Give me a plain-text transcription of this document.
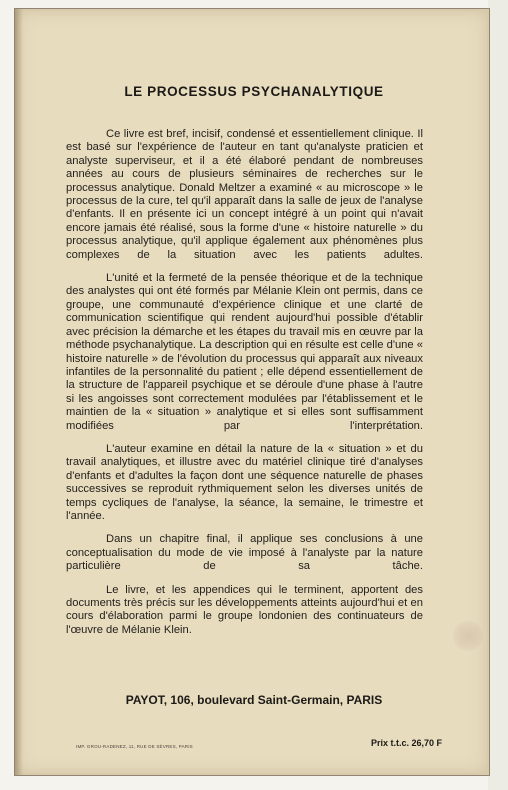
LE PROCESSUS PSYCHANALYTIQUE

Ce livre est bref, incisif, condensé et essentiellement clinique. Il est basé sur l'expérience de l'auteur en tant qu'analyste praticien et analyste superviseur, et il a été élaboré pendant de nombreuses années au cours de plusieurs séminaires de recherches sur le processus analytique. Donald Meltzer a examiné « au microscope » le processus de la cure, tel qu'il apparaît dans la salle de jeux de l'analyse d'enfants. Il en présente ici un concept intégré à un point qui n'avait encore jamais été réalisé, sous la forme d'une « histoire naturelle » du processus analytique, qu'il applique également aux phénomènes plus complexes de la situation avec les patients adultes.

L'unité et la fermeté de la pensée théorique et de la technique des analystes qui ont été formés par Mélanie Klein ont permis, dans ce groupe, une communauté d'expérience clinique et une clarté de communication scientifique qui rendent aujourd'hui possible d'établir avec précision la démarche et les étapes du travail mis en œuvre par la méthode psychanalytique. La description qui en résulte est celle d'une « histoire naturelle » de l'évolution du processus qui apparaît aux niveaux infantiles de la personnalité du patient ; elle dépend essentiellement de la structure de l'appareil psychique et se déroule d'une phase à l'autre si les angoisses sont correctement modulées par l'établissement et le maintien de la « situation » analytique et si elles sont suffisamment modifiées par l'interprétation.

L'auteur examine en détail la nature de la « situation » et du travail analytiques, et illustre avec du matériel clinique tiré d'analyses d'enfants et d'adultes la façon dont une séquence naturelle de phases successives se reproduit rythmiquement selon les diverses unités de temps cycliques de l'analyse, la séance, la semaine, le trimestre et l'année.

Dans un chapitre final, il applique ses conclusions à une conceptualisation du mode de vie imposé à l'analyste par la nature particulière de sa tâche.

Le livre, et les appendices qui le terminent, apportent des documents très précis sur les développements atteints aujourd'hui et en cours d'élaboration parmi le groupe londonien des continuateurs de l'œuvre de Mélanie Klein.

PAYOT, 106, boulevard Saint-Germain, PARIS
IMP. GROU-RADENEZ, 11, RUE DE SÈVRES, PARIS	Prix t.t.c. 26,70 F
